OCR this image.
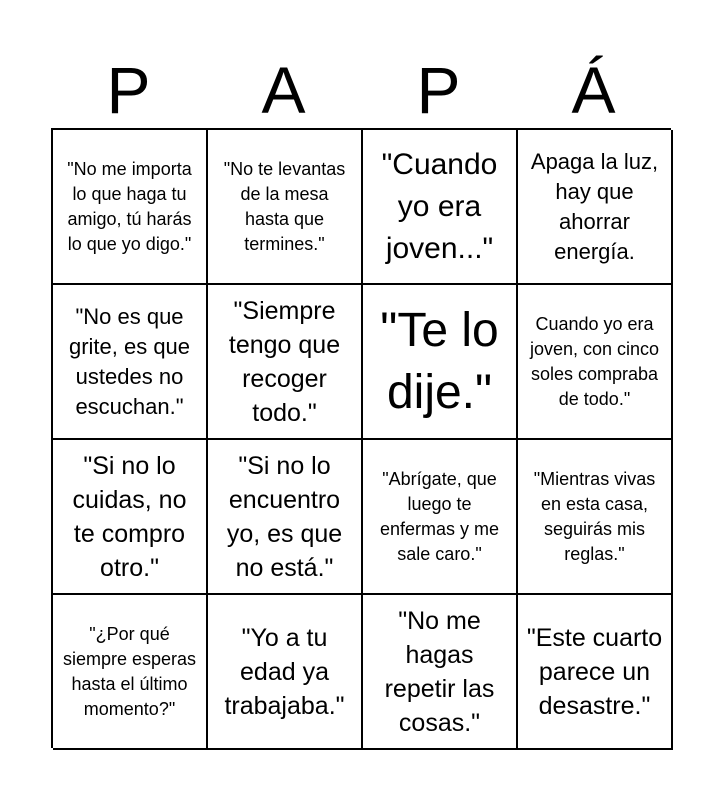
P	A	P	Á
"No me importa lo que haga tu amigo, tú harás lo que yo digo."
"No te levantas de la mesa hasta que termines."
"Cuando yo era joven..."
Apaga la luz, hay que ahorrar energía.
"No es que grite, es que ustedes no escuchan."
"Siempre tengo que recoger todo."
"Te lo dije."
Cuando yo era joven, con cinco soles compraba de todo."
"Si no lo cuidas, no te compro otro."
"Si no lo encuentro yo, es que no está."
"Abrígate, que luego te enfermas y me sale caro."
"Mientras vivas en esta casa, seguirás mis reglas."
"¿Por qué siempre esperas hasta el último momento?"
"Yo a tu edad ya trabajaba."
"No me hagas repetir las cosas."
"Este cuarto parece un desastre."
